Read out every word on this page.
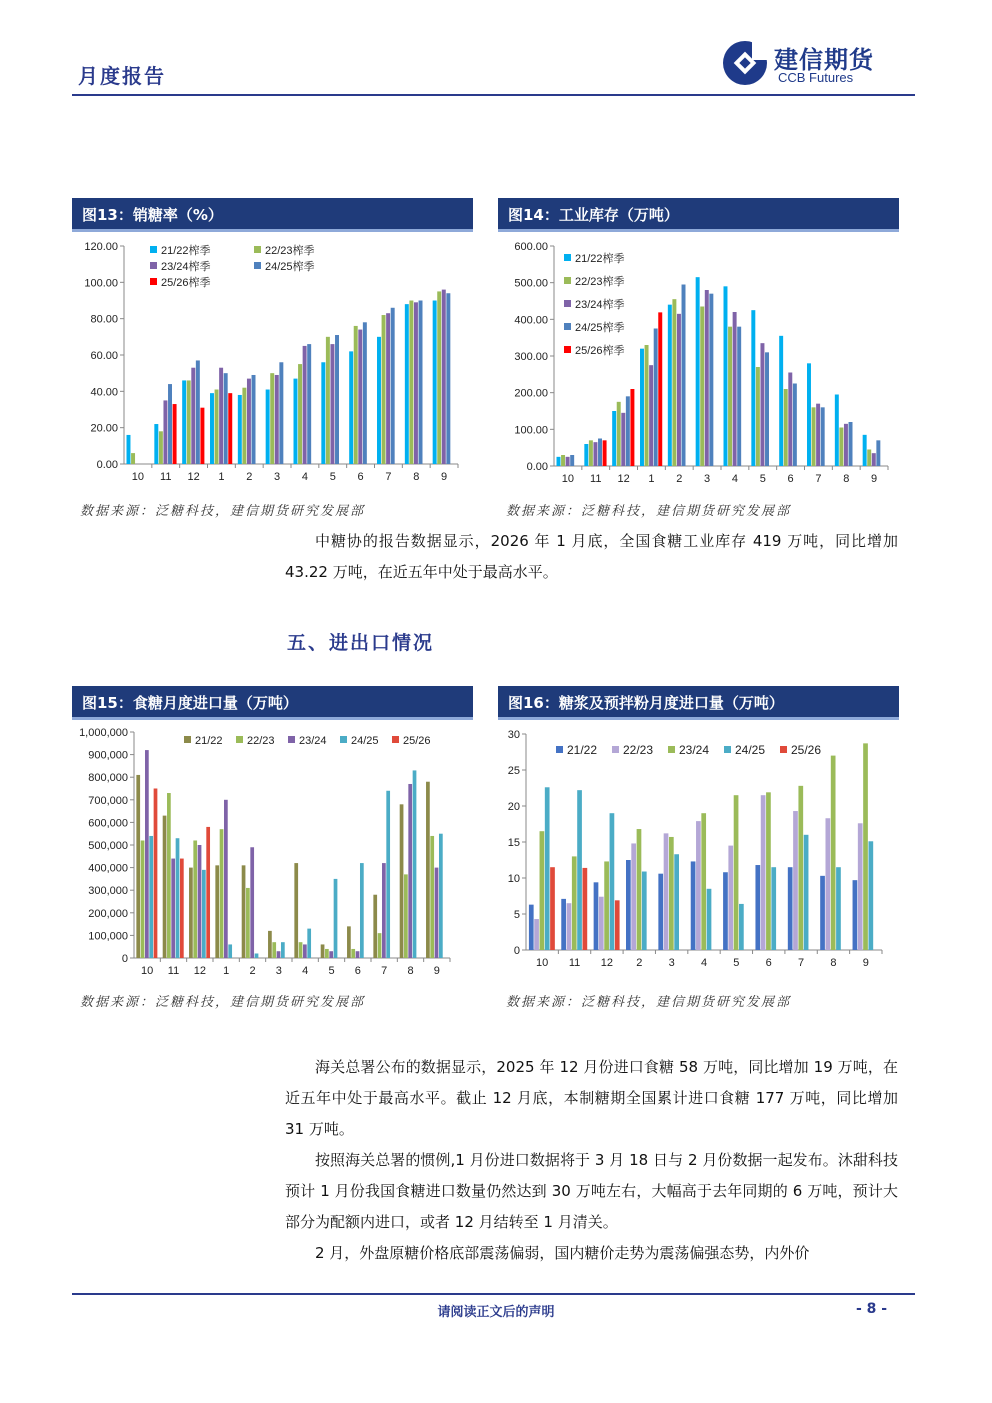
月度报告
建信期货
CCB Futures
图13：销糖率（%）
0.00
20.00
40.00
60.00
80.00
100.00
120.00
10 11 12 1 2 3 4 5 6 7 8 9
21/22榨季	22/23榨季
23/24榨季	24/25榨季
25/26榨季
数据来源：泛糖科技，建信期货研究发展部
图14：工业库存（万吨）
0.00
100.00
200.00
300.00
400.00
500.00
600.00
10 11 12 1 2 3 4 5 6 7 8 9
21/22榨季
22/23榨季
23/24榨季
24/25榨季
25/26榨季
数据来源：泛糖科技，建信期货研究发展部

中糖协的报告数据显示，2026 年 1 月底，全国食糖工业库存 419 万吨，同比增加 43.22 万吨，在近五年中处于最高水平。

五、进出口情况
图15：食糖月度进口量（万吨）
0
100,000
200,000
300,000
400,000
500,000
600,000
700,000
800,000
900,000
1,000,000
10 11 12 1 2 3 4 5 6 7 8 9
21/22 22/23 23/24 24/25 25/26
数据来源：泛糖科技，建信期货研究发展部
图16：糖浆及预拌粉月度进口量（万吨）
0
5
10
15
20
25
30
10 11 12 2 3 4 5 6 7 8 9
21/22 22/23 23/24 24/25 25/26
数据来源：泛糖科技，建信期货研究发展部

海关总署公布的数据显示，2025 年 12 月份进口食糖 58 万吨，同比增加 19 万吨，在近五年中处于最高水平。截止 12 月底，本制糖期全国累计进口食糖 177 万吨，同比增加 31 万吨。

按照海关总署的惯例,1 月份进口数据将于 3 月 18 日与 2 月份数据一起发布。沐甜科技预计 1 月份我国食糖进口数量仍然达到 30 万吨左右，大幅高于去年同期的 6 万吨，预计大部分为配额内进口，或者 12 月结转至 1 月清关。

2 月，外盘原糖价格底部震荡偏弱，国内糖价走势为震荡偏强态势，内外价

请阅读正文后的声明	- 8 -
